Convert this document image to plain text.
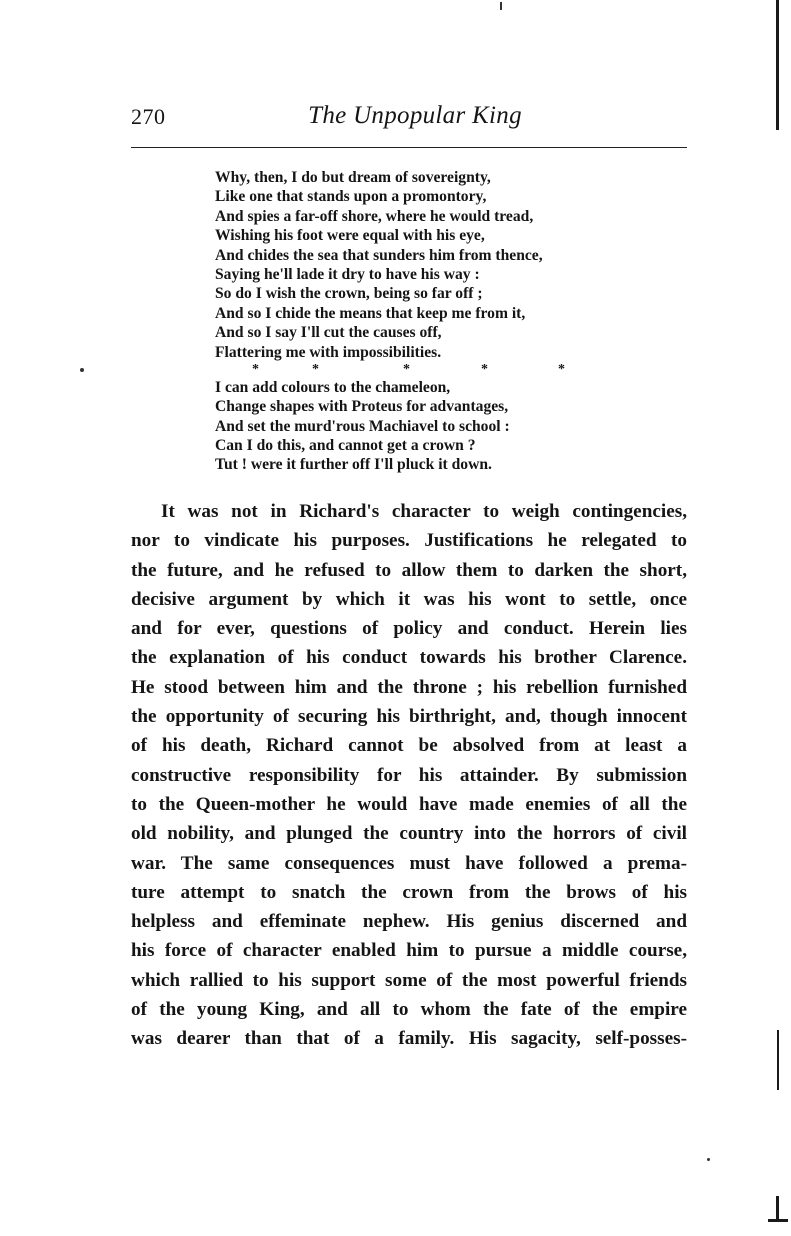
270	The Unpopular King
Why, then, I do but dream of sovereignty,
Like one that stands upon a promontory,
And spies a far-off shore, where he would tread,
Wishing his foot were equal with his eye,
And chides the sea that sunders him from thence,
Saying he'll lade it dry to have his way :
So do I wish the crown, being so far off ;
And so I chide the means that keep me from it,
And so I say I'll cut the causes off,
Flattering me with impossibilities.
*	*	*	*	*
I can add colours to the chameleon,
Change shapes with Proteus for advantages,
And set the murd'rous Machiavel to school :
Can I do this, and cannot get a crown ?
Tut ! were it further off I'll pluck it down.
It was not in Richard's character to weigh contingencies,
nor to vindicate his purposes. Justifications he relegated to
the future, and he refused to allow them to darken the short,
decisive argument by which it was his wont to settle, once
and for ever, questions of policy and conduct. Herein lies
the explanation of his conduct towards his brother Clarence.
He stood between him and the throne ; his rebellion furnished
the opportunity of securing his birthright, and, though innocent
of his death, Richard cannot be absolved from at least a
constructive responsibility for his attainder. By submission
to the Queen-mother he would have made enemies of all the
old nobility, and plunged the country into the horrors of civil
war. The same consequences must have followed a prema-
ture attempt to snatch the crown from the brows of his
helpless and effeminate nephew. His genius discerned and
his force of character enabled him to pursue a middle course,
which rallied to his support some of the most powerful friends
of the young King, and all to whom the fate of the empire
was dearer than that of a family. His sagacity, self-posses-
